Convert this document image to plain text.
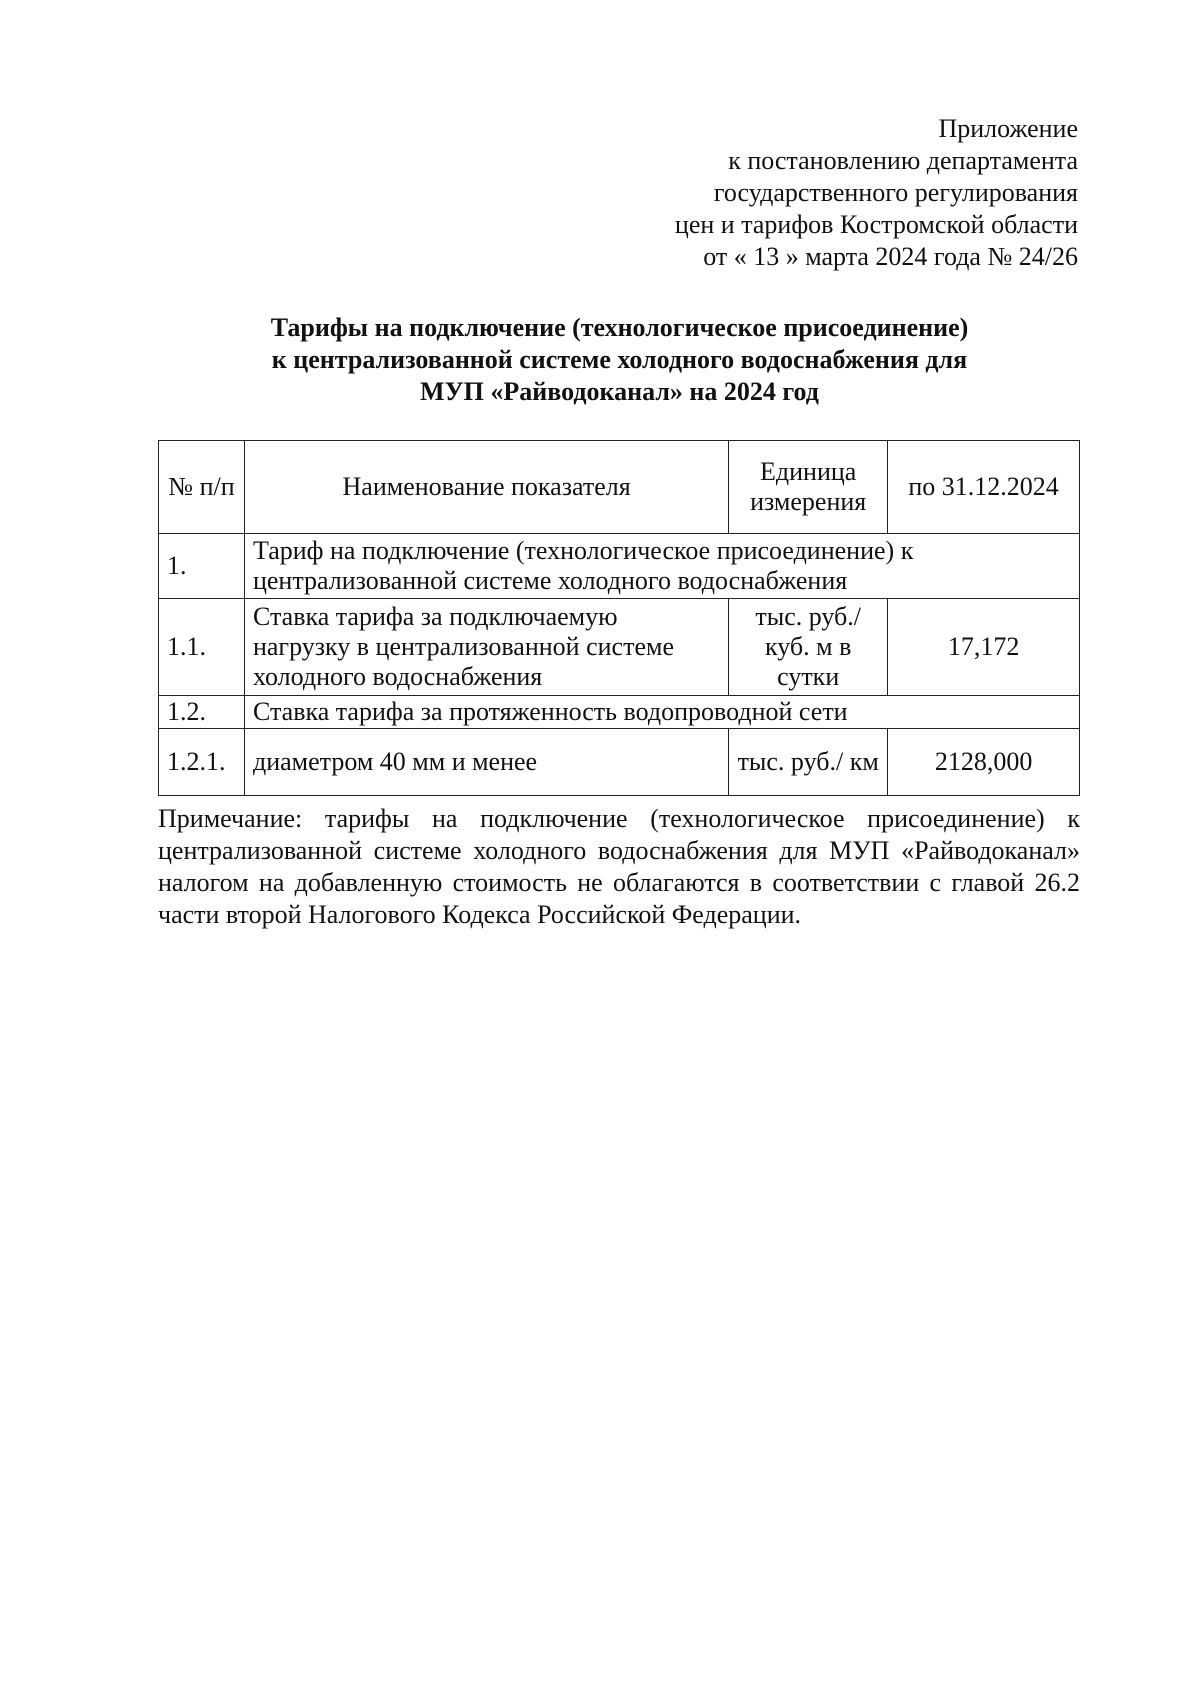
Приложение
к постановлению департамента
государственного регулирования
цен и тарифов Костромской области
от « 13 » марта 2024 года № 24/26
Тарифы на подключение (технологическое присоединение)
к централизованной системе холодного водоснабжения для
МУП «Райводоканал» на 2024 год
№ п/п	Наименование показателя	Единица измерения	по 31.12.2024
1.	Тариф на подключение (технологическое присоединение) к централизованной системе холодного водоснабжения		
1.1.	Ставка тарифа за подключаемую нагрузку в централизованной системе холодного водоснабжения	тыс. руб./ куб. м в сутки	17,172
1.2.	Ставка тарифа за протяженность водопроводной сети		
1.2.1.	диаметром 40 мм и менее	тыс. руб./ км	2128,000
Примечание: тарифы на подключение (технологическое присоединение) к централизованной системе холодного водоснабжения для МУП «Райводоканал» налогом на добавленную стоимость не облагаются в соответствии с главой 26.2 части второй Налогового Кодекса Российской Федерации.
